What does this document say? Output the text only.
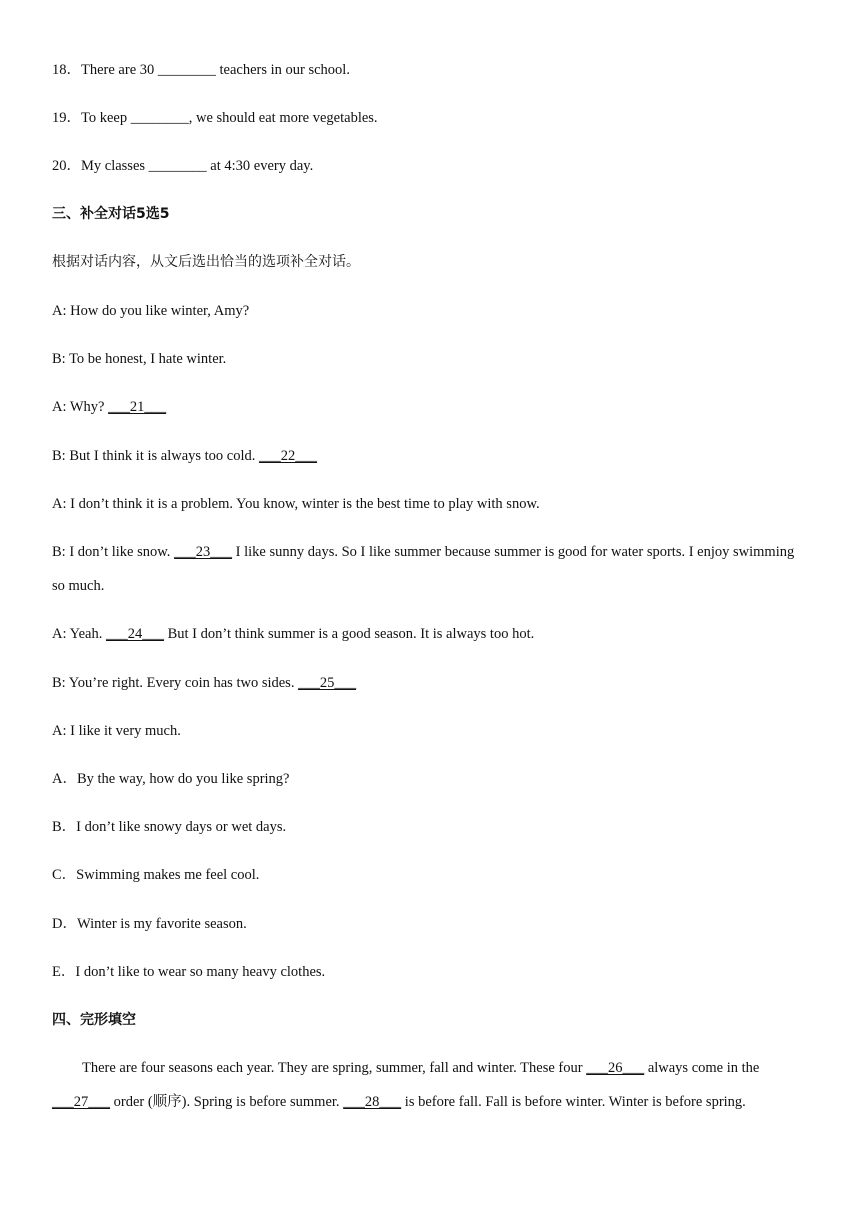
18．There are 30 ________ teachers in our school.
19．To keep ________, we should eat more vegetables.
20．My classes ________ at 4:30 every day.
三、补全对话5选5
根据对话内容，从文后选出恰当的选项补全对话。
A: How do you like winter, Amy?
B: To be honest, I hate winter.
A: Why? ___21___
B: But I think it is always too cold. ___22___
A: I don’t think it is a problem. You know, winter is the best time to play with snow.
B: I don’t like snow. ___23___ I like sunny days. So I like summer because summer is good for water sports. I enjoy swimming so much.
A: Yeah. ___24___ But I don’t think summer is a good season. It is always too hot.
B: You’re right. Every coin has two sides. ___25___
A: I like it very much.
A．By the way, how do you like spring?
B．I don’t like snowy days or wet days.
C．Swimming makes me feel cool.
D．Winter is my favorite season.
E．I don’t like to wear so many heavy clothes.
四、完形填空
There are four seasons each year. They are spring, summer, fall and winter. These four ___26___ always come in the ___27___ order (顺序). Spring is before summer. ___28___ is before fall. Fall is before winter. Winter is before spring.
